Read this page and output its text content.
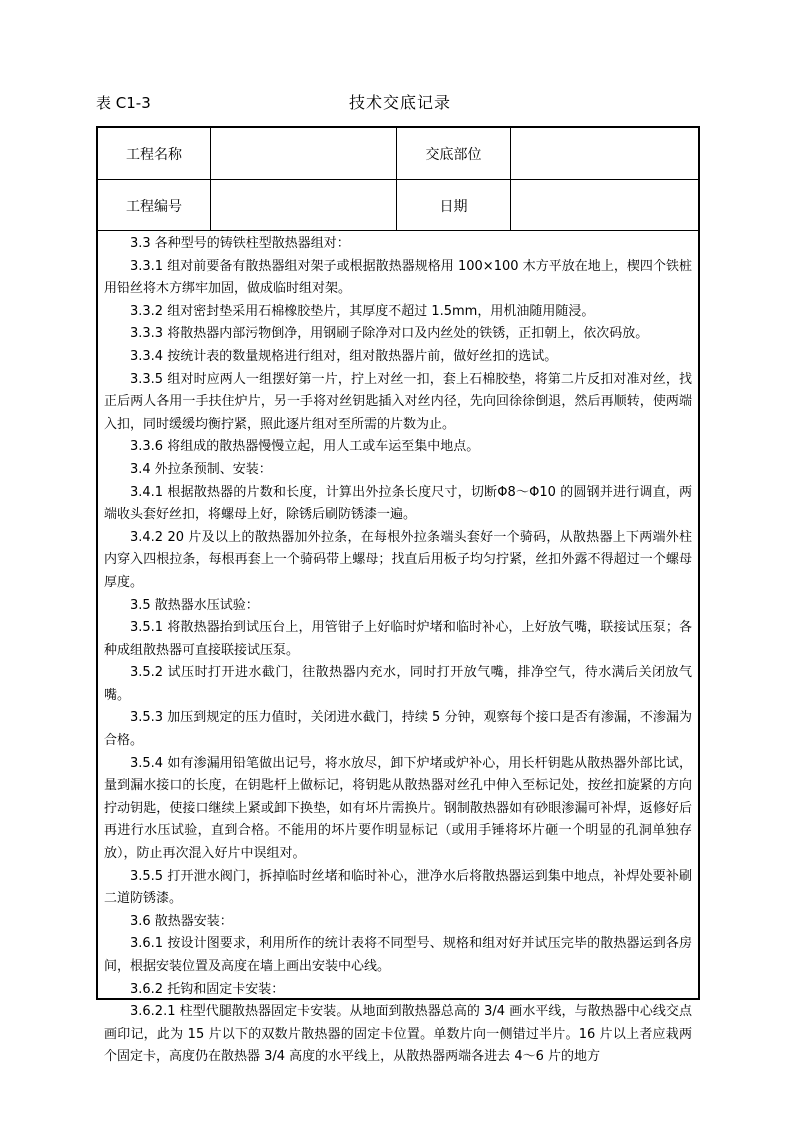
表 C1-3	技术交底记录
工程名称	交底部位
工程编号	日期

3.3 各种型号的铸铁柱型散热器组对：

3.3.1 组对前要备有散热器组对架子或根据散热器规格用 100×100 木方平放在地上，楔四个铁桩用铅丝将木方绑牢加固，做成临时组对架。

3.3.2 组对密封垫采用石棉橡胶垫片，其厚度不超过 1.5mm，用机油随用随浸。

3.3.3 将散热器内部污物倒净，用钢刷子除净对口及内丝处的铁锈，正扣朝上，依次码放。

3.3.4 按统计表的数量规格进行组对，组对散热器片前，做好丝扣的选试。

3.3.5 组对时应两人一组摆好第一片，拧上对丝一扣，套上石棉胶垫，将第二片反扣对准对丝，找正后两人各用一手扶住炉片，另一手将对丝钥匙插入对丝内径，先向回徐徐倒退，然后再顺转，使两端入扣，同时缓缓均衡拧紧，照此逐片组对至所需的片数为止。

3.3.6 将组成的散热器慢慢立起，用人工或车运至集中地点。

3.4 外拉条预制、安装：

3.4.1 根据散热器的片数和长度，计算出外拉条长度尺寸，切断Φ8～Φ10 的圆钢并进行调直，两端收头套好丝扣，将螺母上好，除锈后刷防锈漆一遍。

3.4.2 20 片及以上的散热器加外拉条，在每根外拉条端头套好一个骑码，从散热器上下两端外柱内穿入四根拉条，每根再套上一个骑码带上螺母；找直后用板子均匀拧紧，丝扣外露不得超过一个螺母厚度。

3.5 散热器水压试验：

3.5.1 将散热器抬到试压台上，用管钳子上好临时炉堵和临时补心，上好放气嘴，联接试压泵；各种成组散热器可直接联接试压泵。

3.5.2 试压时打开进水截门，往散热器内充水，同时打开放气嘴，排净空气，待水满后关闭放气嘴。

3.5.3 加压到规定的压力值时，关闭进水截门，持续 5 分钟，观察每个接口是否有渗漏，不渗漏为合格。

3.5.4 如有渗漏用铅笔做出记号，将水放尽，卸下炉堵或炉补心，用长杆钥匙从散热器外部比试，量到漏水接口的长度，在钥匙杆上做标记，将钥匙从散热器对丝孔中伸入至标记处，按丝扣旋紧的方向拧动钥匙，使接口继续上紧或卸下换垫，如有坏片需换片。钢制散热器如有砂眼渗漏可补焊，返修好后再进行水压试验，直到合格。不能用的坏片要作明显标记（或用手锤将坏片砸一个明显的孔洞单独存放），防止再次混入好片中误组对。

3.5.5 打开泄水阀门，拆掉临时丝堵和临时补心，泄净水后将散热器运到集中地点，补焊处要补刷二道防锈漆。

3.6 散热器安装：

3.6.1 按设计图要求，利用所作的统计表将不同型号、规格和组对好并试压完毕的散热器运到各房间，根据安装位置及高度在墙上画出安装中心线。

3.6.2 托钩和固定卡安装：

3.6.2.1 柱型代腿散热器固定卡安装。从地面到散热器总高的 3/4 画水平线，与散热器中心线交点画印记，此为 15 片以下的双数片散热器的固定卡位置。单数片向一侧错过半片。16 片以上者应栽两个固定卡，高度仍在散热器 3/4 高度的水平线上，从散热器两端各进去 4～6 片的地方
